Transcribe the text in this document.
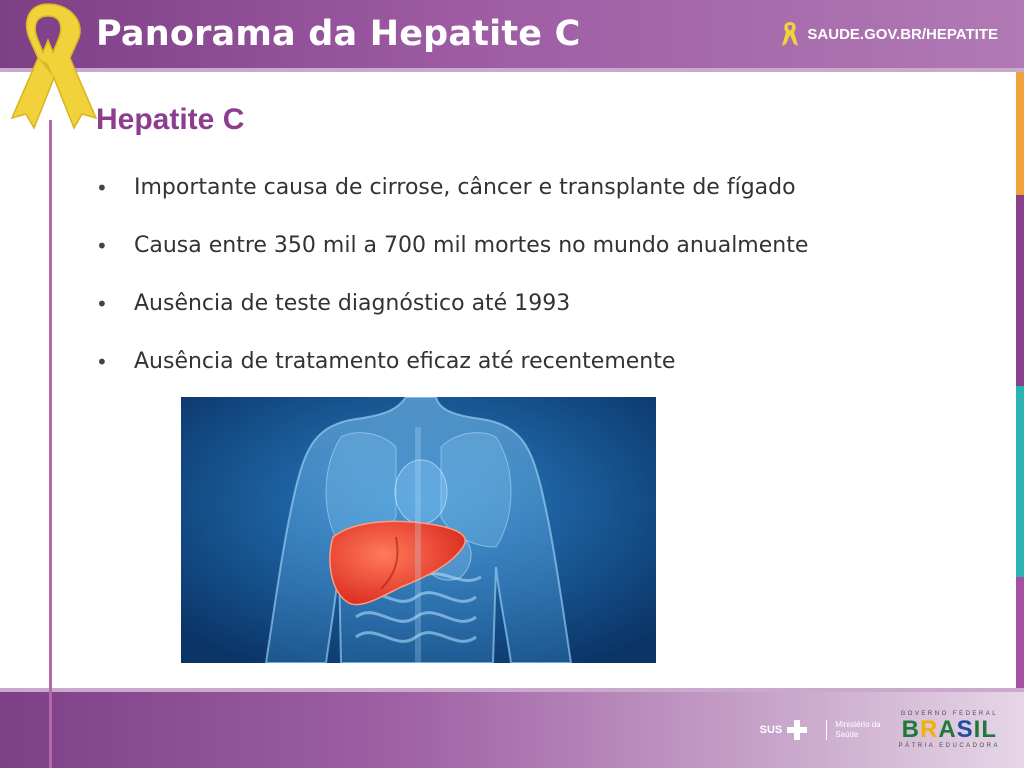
Panorama da Hepatite C	SAUDE.GOV.BR/HEPATITE
Hepatite C
• Importante causa de cirrose, câncer e transplante de fígado
• Causa entre 350 mil a 700 mil mortes no mundo anualmente
• Ausência de teste diagnóstico até 1993
• Ausência de tratamento eficaz até recentemente
SUS	Ministério da
Saúde
GOVERNO FEDERAL
BRASIL
PÁTRIA EDUCADORA
